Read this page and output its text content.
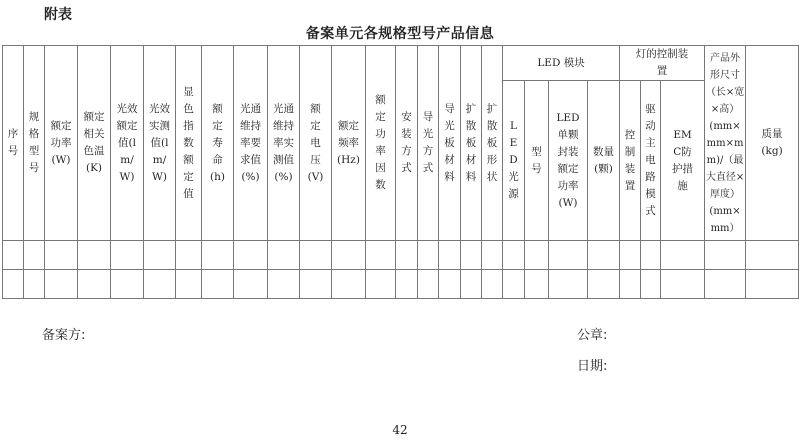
附表
备案单元各规格型号产品信息
序号	规格型号	额定功率(W)	额定相关色温(K)	光效额定值(lm/W)	光效实测值(lm/W)	显色指数额定值	额定寿命(h)	光通维持率要求值(%)	光通维持率实测值(%)	额定电压(V)	额定频率(Hz)	额定功率因数	安装方式	导光方式	导光板材料	扩散板材料	扩散板形状	LED 模块				灯的控制装置			产品外形尺寸（长×宽×高）(mm×mm×mm)/（最大直径×厚度）(mm×mm）	质量(kg)
																		LED光源	型号	LED单颗封装额定功率(W)	数量(颗)	控制装置	驱动主电路模式	EMC防护措施		

备案方:	公章:
日期:
42
